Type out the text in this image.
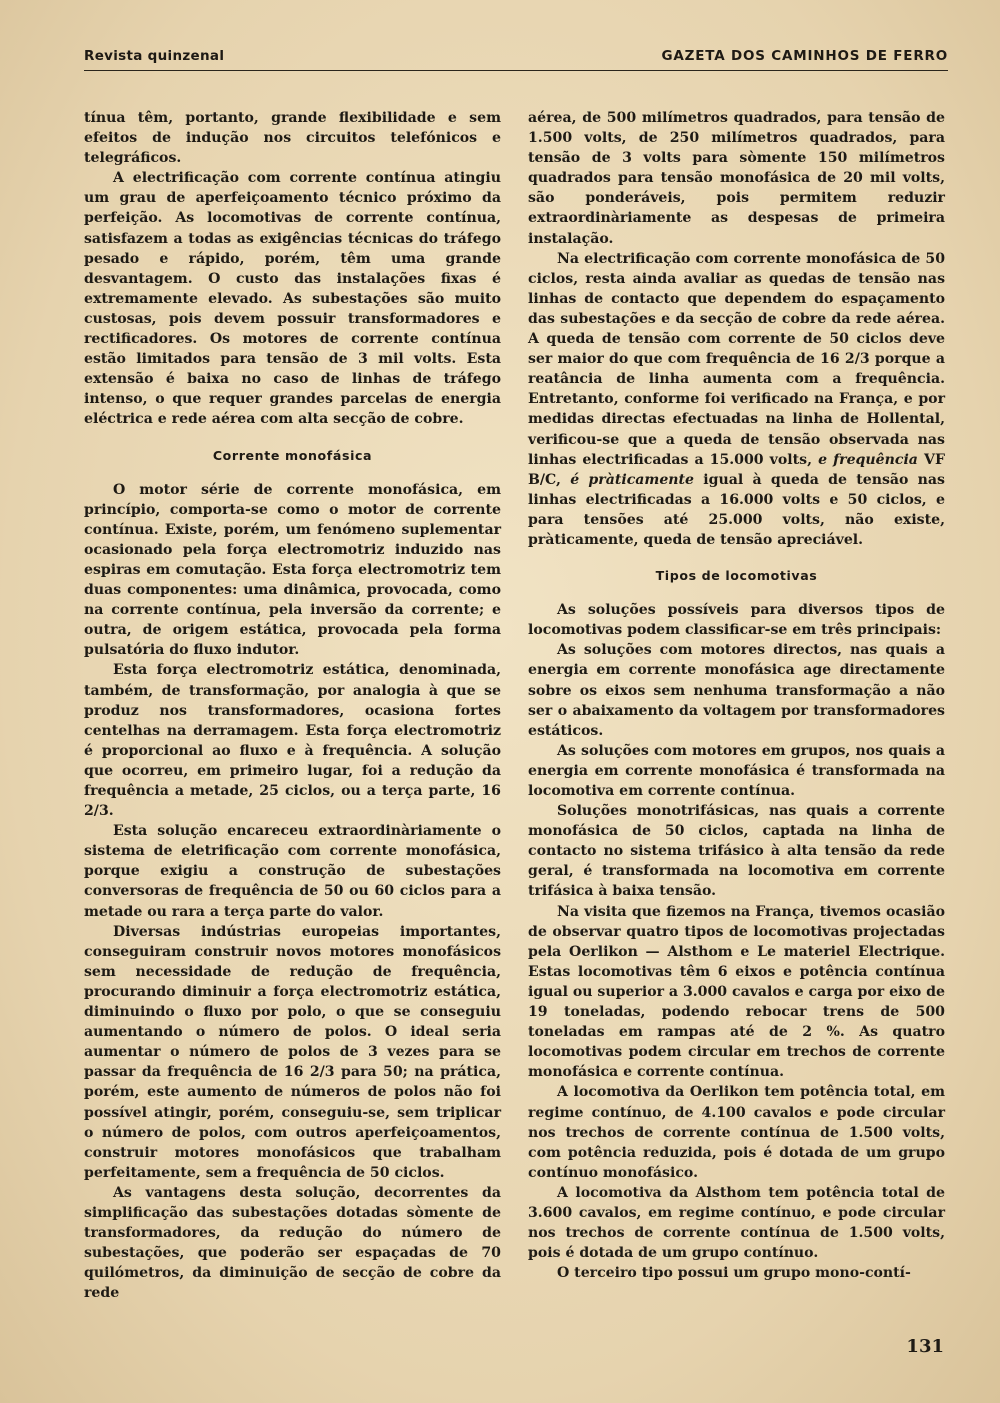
Revista quinzenal	GAZETA DOS CAMINHOS DE FERRO

tínua têm, portanto, grande flexibilidade e sem efeitos de indução nos circuitos telefónicos e telegráficos.

A electrificação com corrente contínua atingiu um grau de aperfeiçoamento técnico próximo da perfeição. As locomotivas de corrente contínua, satisfazem a todas as exigências técnicas do tráfego pesado e rápido, porém, têm uma grande desvantagem. O custo das instalações fixas é extremamente elevado. As subestações são muito custosas, pois devem possuir transformadores e rectificadores. Os motores de corrente contínua estão limitados para tensão de 3 mil volts. Esta extensão é baixa no caso de linhas de tráfego intenso, o que requer grandes parcelas de energia eléctrica e rede aérea com alta secção de cobre.

Corrente monofásica

O motor série de corrente monofásica, em princípio, comporta-se como o motor de corrente contínua. Existe, porém, um fenómeno suplementar ocasionado pela força electromotriz induzido nas espiras em comutação. Esta força electromotriz tem duas componentes: uma dinâmica, provocada, como na corrente contínua, pela inversão da corrente; e outra, de origem estática, provocada pela forma pulsatória do fluxo indutor.

Esta força electromotriz estática, denominada, também, de transformação, por analogia à que se produz nos transformadores, ocasiona fortes centelhas na derramagem. Esta força electromotriz é proporcional ao fluxo e à frequência. A solução que ocorreu, em primeiro lugar, foi a redução da frequência a metade, 25 ciclos, ou a terça parte, 16 2/3.

Esta solução encareceu extraordinàriamente o sistema de eletrificação com corrente monofásica, porque exigiu a construção de subestações conversoras de frequência de 50 ou 60 ciclos para a metade ou rara a terça parte do valor.

Diversas indústrias europeias importantes, conseguiram construir novos motores monofásicos sem necessidade de redução de frequência, procurando diminuir a força electromotriz estática, diminuindo o fluxo por polo, o que se conseguiu aumentando o número de polos. O ideal seria aumentar o número de polos de 3 vezes para se passar da frequência de 16 2/3 para 50; na prática, porém, este aumento de números de polos não foi possível atingir, porém, conseguiu-se, sem triplicar o número de polos, com outros aperfeiçoamentos, construir motores monofásicos que trabalham perfeitamente, sem a frequência de 50 ciclos.

As vantagens desta solução, decorrentes da simplificação das subestações dotadas sòmente de transformadores, da redução do número de subestações, que poderão ser espaçadas de 70 quilómetros, da diminuição de secção de cobre da rede

aérea, de 500 milímetros quadrados, para tensão de 1.500 volts, de 250 milímetros quadrados, para tensão de 3 volts para sòmente 150 milímetros quadrados para tensão monofásica de 20 mil volts, são ponderáveis, pois permitem reduzir extraordinàriamente as despesas de primeira instalação.

Na electrificação com corrente monofásica de 50 ciclos, resta ainda avaliar as quedas de tensão nas linhas de contacto que dependem do espaçamento das subestações e da secção de cobre da rede aérea. A queda de tensão com corrente de 50 ciclos deve ser maior do que com frequência de 16 2/3 porque a reatância de linha aumenta com a frequência. Entretanto, conforme foi verificado na França, e por medidas directas efectuadas na linha de Hollental, verificou-se que a queda de tensão observada nas linhas electrificadas a 15.000 volts, e frequência VF B/C, é pràticamente igual à queda de tensão nas linhas electrificadas a 16.000 volts e 50 ciclos, e para tensões até 25.000 volts, não existe, pràticamente, queda de tensão apreciável.

Tipos de locomotivas

As soluções possíveis para diversos tipos de locomotivas podem classificar-se em três principais:

As soluções com motores directos, nas quais a energia em corrente monofásica age directamente sobre os eixos sem nenhuma transformação a não ser o abaixamento da voltagem por transformadores estáticos.

As soluções com motores em grupos, nos quais a energia em corrente monofásica é transformada na locomotiva em corrente contínua.

Soluções monotrifásicas, nas quais a corrente monofásica de 50 ciclos, captada na linha de contacto no sistema trifásico à alta tensão da rede geral, é transformada na locomotiva em corrente trifásica à baixa tensão.

Na visita que fizemos na França, tivemos ocasião de observar quatro tipos de locomotivas projectadas pela Oerlikon — Alsthom e Le materiel Electrique. Estas locomotivas têm 6 eixos e potência contínua igual ou superior a 3.000 cavalos e carga por eixo de 19 toneladas, podendo rebocar trens de 500 toneladas em rampas até de 2 %. As quatro locomotivas podem circular em trechos de corrente monofásica e corrente contínua.

A locomotiva da Oerlikon tem potência total, em regime contínuo, de 4.100 cavalos e pode circular nos trechos de corrente contínua de 1.500 volts, com potência reduzida, pois é dotada de um grupo contínuo monofásico.

A locomotiva da Alsthom tem potência total de 3.600 cavalos, em regime contínuo, e pode circular nos trechos de corrente contínua de 1.500 volts, pois é dotada de um grupo contínuo.

O terceiro tipo possui um grupo mono-contí-

131
